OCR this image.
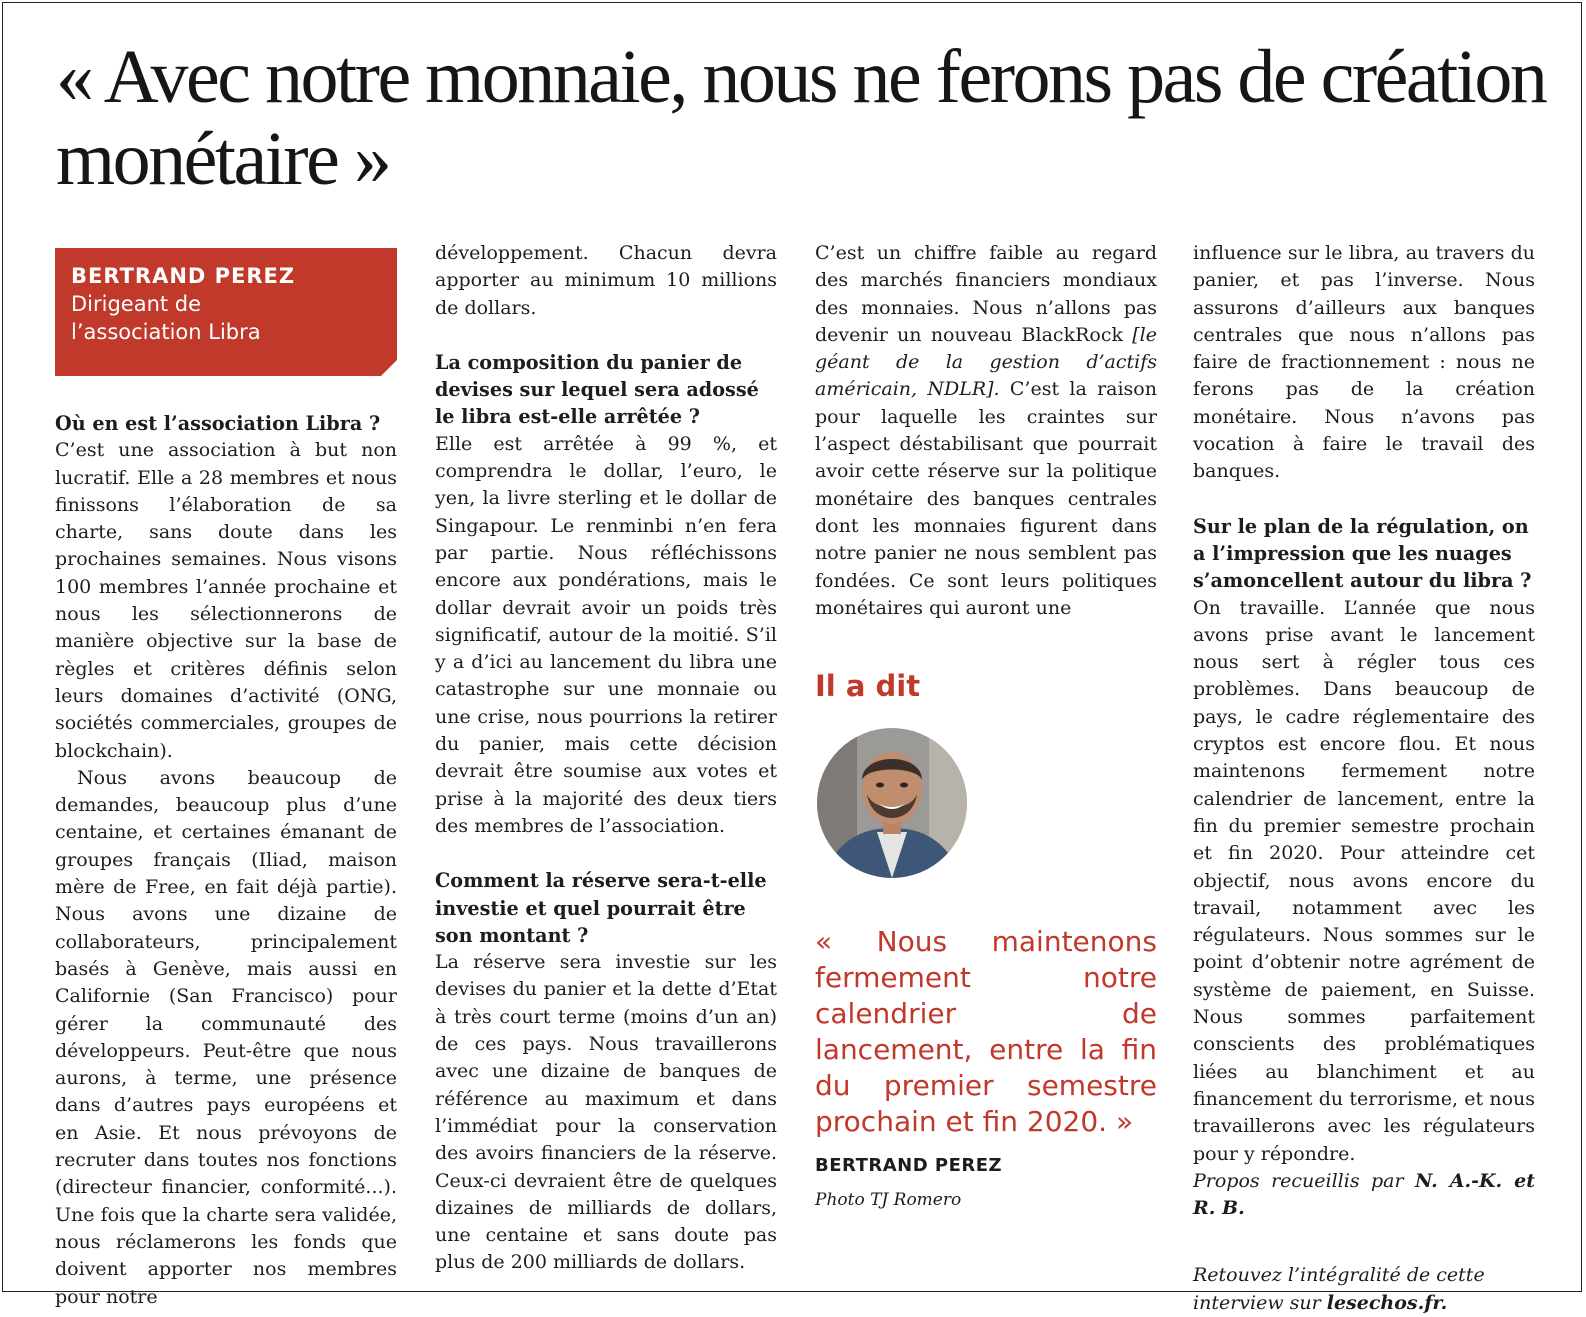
« Avec notre monnaie, nous ne ferons pas de création monétaire »
BERTRAND PEREZ
Dirigeant de
l’association Libra
Où en est l’association Libra ?

C’est une association à but non lucratif. Elle a 28 membres et nous finissons l’élaboration de sa charte, sans doute dans les prochaines semaines. Nous visons 100 membres l’année prochaine et nous les sélectionnerons de manière objective sur la base de règles et critères définis selon leurs domaines d’activité (ONG, sociétés commerciales, groupes de blockchain).

Nous avons beaucoup de demandes, beaucoup plus d’une centaine, et certaines émanant de groupes français (Iliad, maison mère de Free, en fait déjà partie). Nous avons une dizaine de collaborateurs, principalement basés à Genève, mais aussi en Californie (San Francisco) pour gérer la communauté des développeurs. Peut-être que nous aurons, à terme, une présence dans d’autres pays européens et en Asie. Et nous prévoyons de recruter dans toutes nos fonctions (directeur financier, conformité...). Une fois que la charte sera validée, nous réclamerons les fonds que doivent apporter nos membres pour notre

développement. Chacun devra apporter au minimum 10 millions de dollars.

La composition du panier de devises sur lequel sera adossé le libra est-elle arrêtée ?

Elle est arrêtée à 99 %, et comprendra le dollar, l’euro, le yen, la livre sterling et le dollar de Singapour. Le renminbi n’en fera par partie. Nous réfléchissons encore aux pondérations, mais le dollar devrait avoir un poids très significatif, autour de la moitié. S’il y a d’ici au lancement du libra une catastrophe sur une monnaie ou une crise, nous pourrions la retirer du panier, mais cette décision devrait être soumise aux votes et prise à la majorité des deux tiers des membres de l’association.

Comment la réserve sera-t-elle investie et quel pourrait être son montant ?

La réserve sera investie sur les devises du panier et la dette d’Etat à très court terme (moins d’un an) de ces pays. Nous travaillerons avec une dizaine de banques de référence au maximum et dans l’immédiat pour la conservation des avoirs financiers de la réserve. Ceux-ci devraient être de quelques dizaines de milliards de dollars, une centaine et sans doute pas plus de 200 milliards de dollars.

C’est un chiffre faible au regard des marchés financiers mondiaux des monnaies. Nous n’allons pas devenir un nouveau BlackRock [le géant de la gestion d’actifs américain, NDLR]. C’est la raison pour laquelle les craintes sur l’aspect déstabilisant que pourrait avoir cette réserve sur la politique monétaire des banques centrales dont les monnaies figurent dans notre panier ne nous semblent pas fondées. Ce sont leurs politiques monétaires qui auront une

Il a dit

« Nous maintenons fermement notre calendrier de lancement, entre la fin du premier semestre prochain et fin 2020. »

BERTRAND PEREZ
Photo TJ Romero

influence sur le libra, au travers du panier, et pas l’inverse. Nous assurons d’ailleurs aux banques centrales que nous n’allons pas faire de fractionnement : nous ne ferons pas de la création monétaire. Nous n’avons pas vocation à faire le travail des banques.

Sur le plan de la régulation, on a l’impression que les nuages s’amoncellent autour du libra ?

On travaille. L’année que nous avons prise avant le lancement nous sert à régler tous ces problèmes. Dans beaucoup de pays, le cadre réglementaire des cryptos est encore flou. Et nous maintenons fermement notre calendrier de lancement, entre la fin du premier semestre prochain et fin 2020. Pour atteindre cet objectif, nous avons encore du travail, notamment avec les régulateurs. Nous sommes sur le point d’obtenir notre agrément de système de paiement, en Suisse. Nous sommes parfaitement conscients des problématiques liées au blanchiment et au financement du terrorisme, et nous travaillerons avec les régulateurs pour y répondre.

Propos recueillis par N. A.-K. et R. B.

Retouvez l’intégralité de cette interview sur lesechos.fr.
